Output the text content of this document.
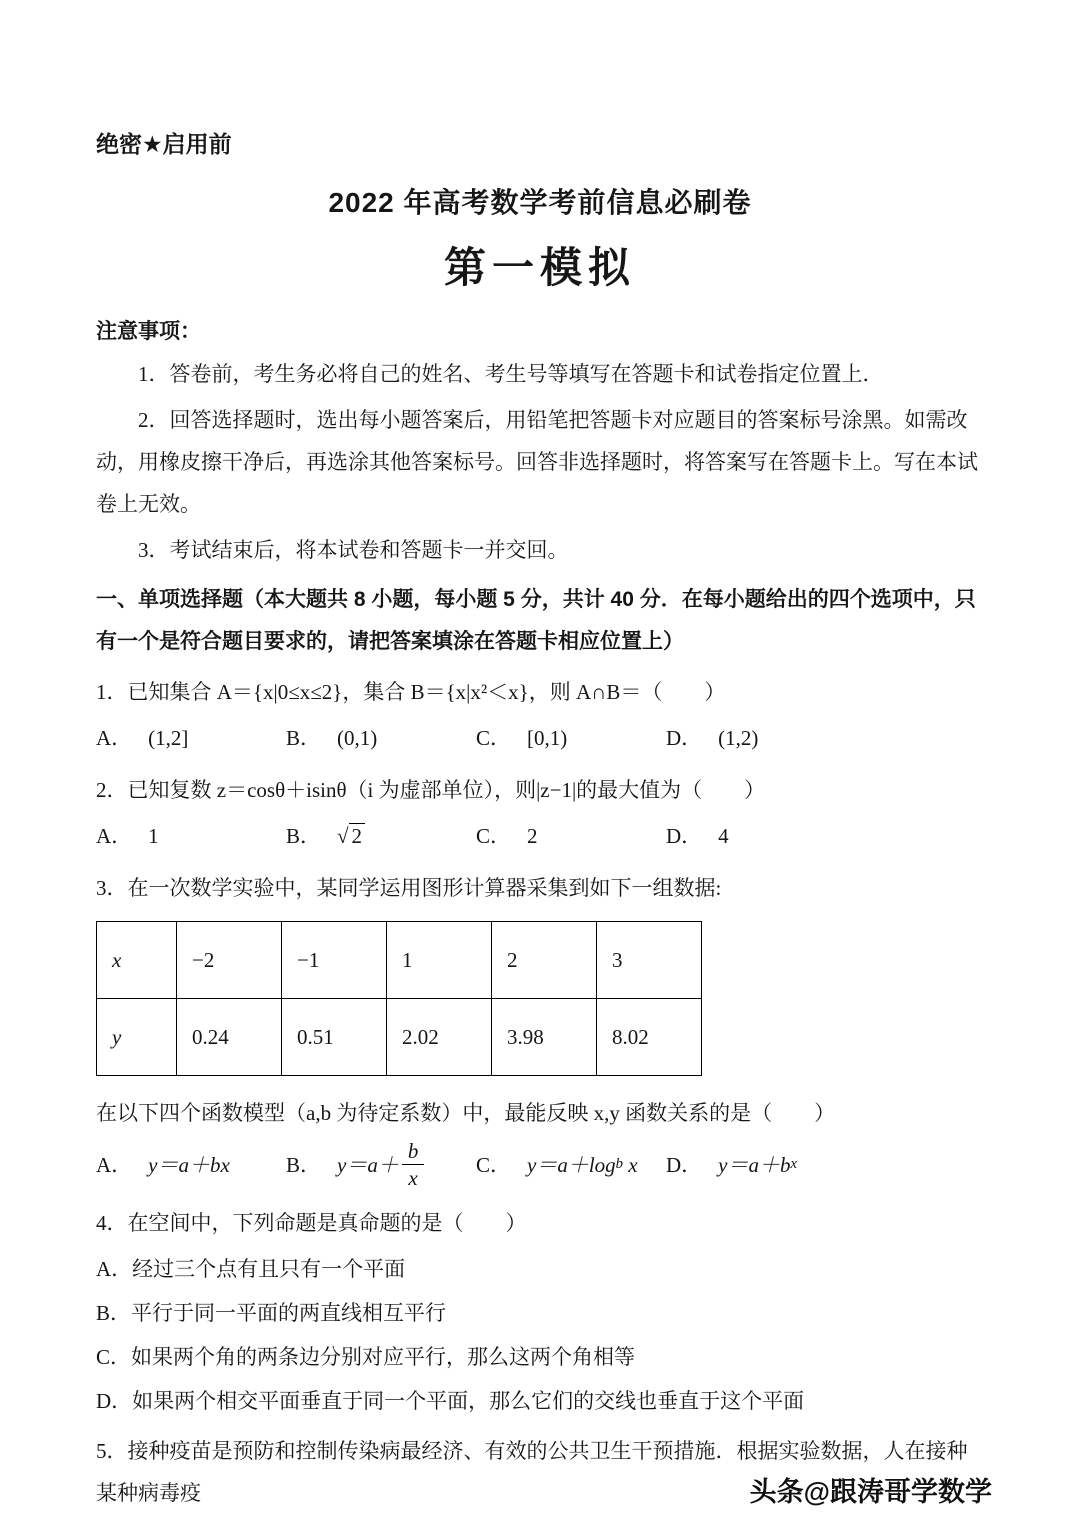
绝密★启用前
2022 年高考数学考前信息必刷卷
第一模拟
注意事项：

1．答卷前，考生务必将自己的姓名、考生号等填写在答题卡和试卷指定位置上．

2．回答选择题时，选出每小题答案后，用铅笔把答题卡对应题目的答案标号涂黑。如需改动，用橡皮擦干净后，再选涂其他答案标号。回答非选择题时，将答案写在答题卡上。写在本试卷上无效。

3．考试结束后，将本试卷和答题卡一并交回。

一、单项选择题（本大题共 8 小题，每小题 5 分，共计 40 分．在每小题给出的四个选项中，只有一个是符合题目要求的，请把答案填涂在答题卡相应位置上）

1．已知集合 A＝{x|0≤x≤2}，集合 B＝{x|x²＜x}，则 A∩B＝（　　）

A． (1,2]	B． (0,1)	C． [0,1)	D． (1,2)

2．已知复数 z＝cosθ＋isinθ（i 为虚部单位），则|z−1|的最大值为（　　）

A． 1	B． √ 2	C． 2	D． 4

3．在一次数学实验中，某同学运用图形计算器采集到如下一组数据:

x	−2	−1	1	2	3
y	0.24	0.51	2.02	3.98	8.02

在以下四个函数模型（a,b 为待定系数）中，最能反映 x,y 函数关系的是（　　）

A． y＝a＋bx	B． $y=a+ \frac{b}{x}$ C． y＝a＋log b
x D． y＝a＋b x

4．在空间中，下列命题是真命题的是（　　）

A．经过三个点有且只有一个平面

B．平行于同一平面的两直线相互平行

C．如果两个角的两条边分别对应平行，那么这两个角相等

D．如果两个相交平面垂直于同一个平面，那么它们的交线也垂直于这个平面

5．接种疫苗是预防和控制传染病最经济、有效的公共卫生干预措施．根据实验数据，人在接种某种病毒疫	头条@跟涛哥学数学
